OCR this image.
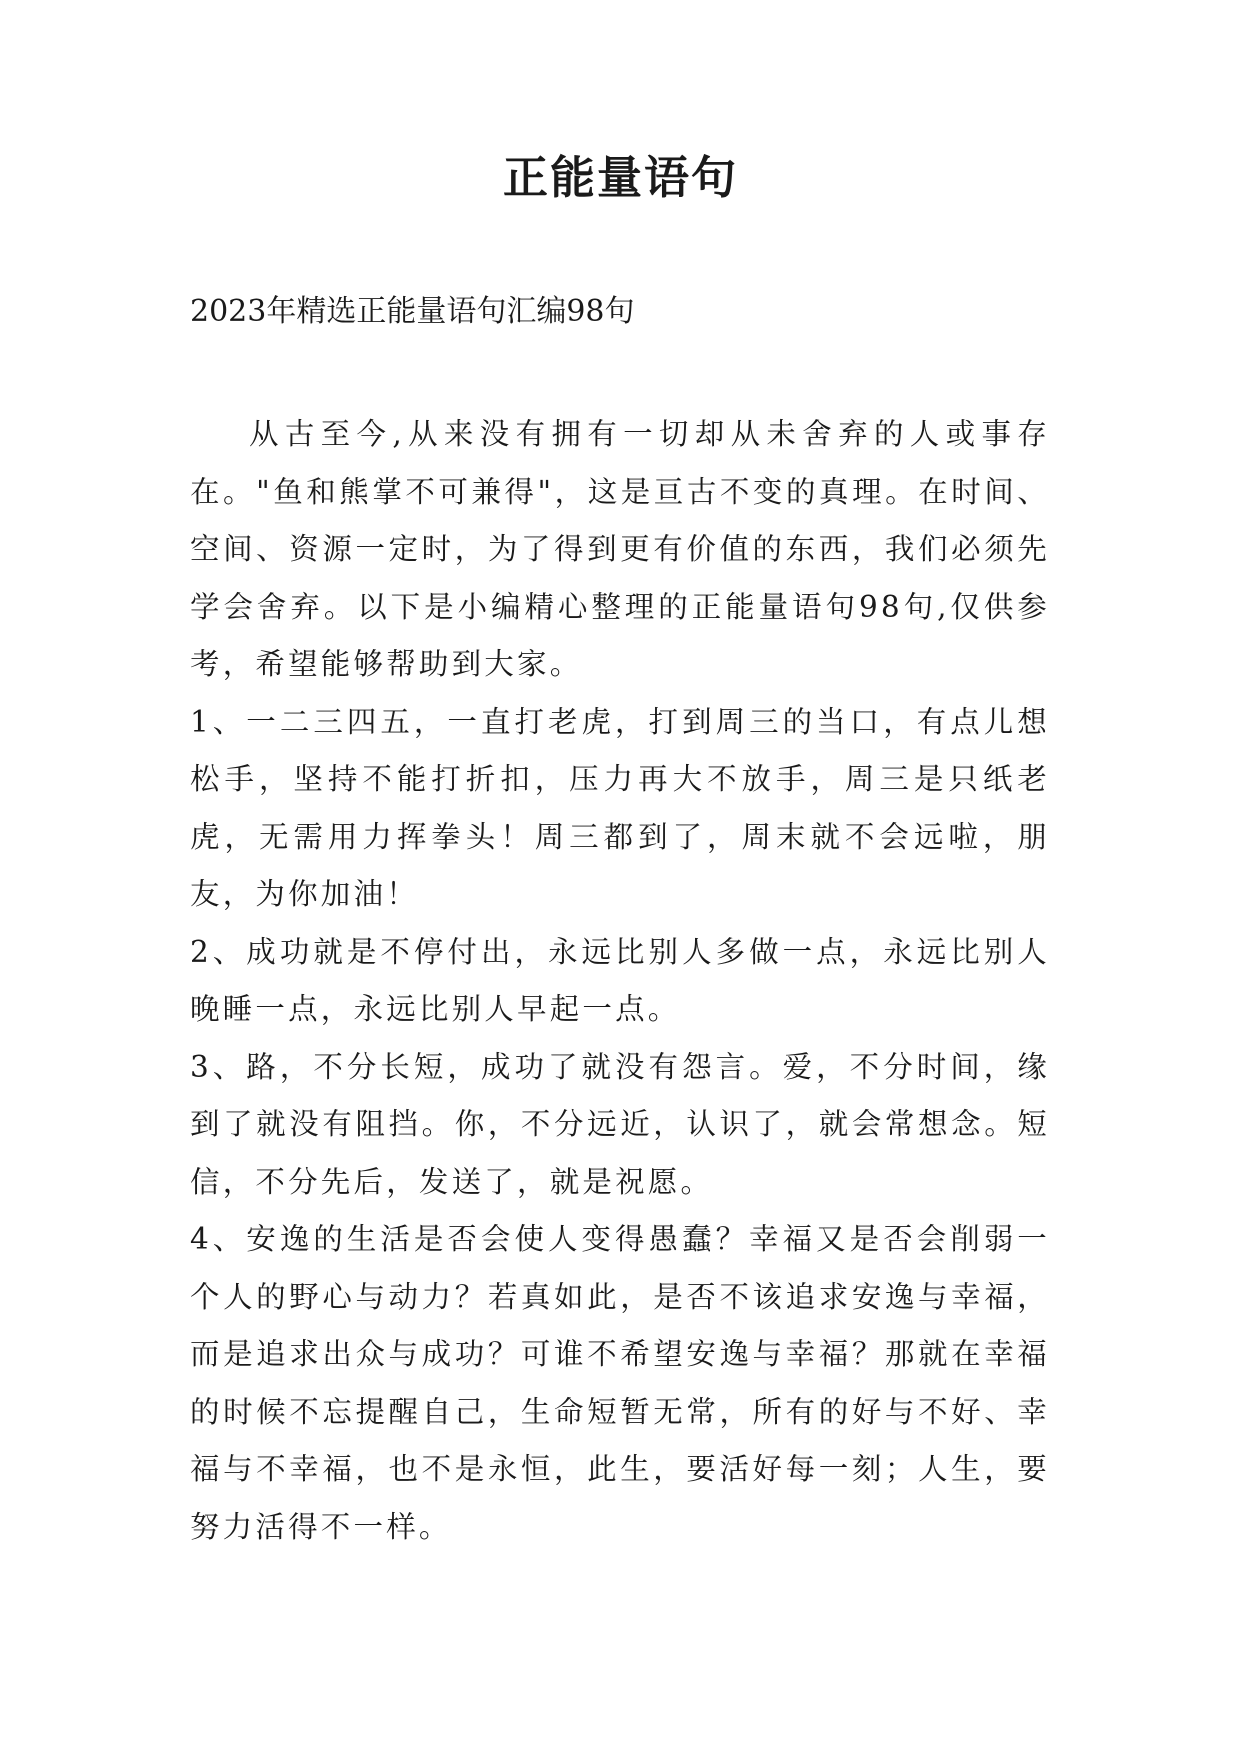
正能量语句

2023年精选正能量语句汇编98句

从古至今,从来没有拥有一切却从未舍弃的人或事存在。"鱼和熊掌不可兼得"，这是亘古不变的真理。在时间、空间、资源一定时，为了得到更有价值的东西，我们必须先学会舍弃。以下是小编精心整理的正能量语句98句,仅供参考，希望能够帮助到大家。

1、一二三四五，一直打老虎，打到周三的当口，有点儿想松手，坚持不能打折扣，压力再大不放手，周三是只纸老虎，无需用力挥拳头！周三都到了，周末就不会远啦，朋友，为你加油！

2、成功就是不停付出，永远比别人多做一点，永远比别人晚睡一点，永远比别人早起一点。

3、路，不分长短，成功了就没有怨言。爱，不分时间，缘到了就没有阻挡。你，不分远近，认识了，就会常想念。短信，不分先后，发送了，就是祝愿。

4、安逸的生活是否会使人变得愚蠢？幸福又是否会削弱一个人的野心与动力？若真如此，是否不该追求安逸与幸福，而是追求出众与成功？可谁不希望安逸与幸福？那就在幸福的时候不忘提醒自己，生命短暂无常，所有的好与不好、幸福与不幸福，也不是永恒，此生，要活好每一刻；人生，要努力活得不一样。
